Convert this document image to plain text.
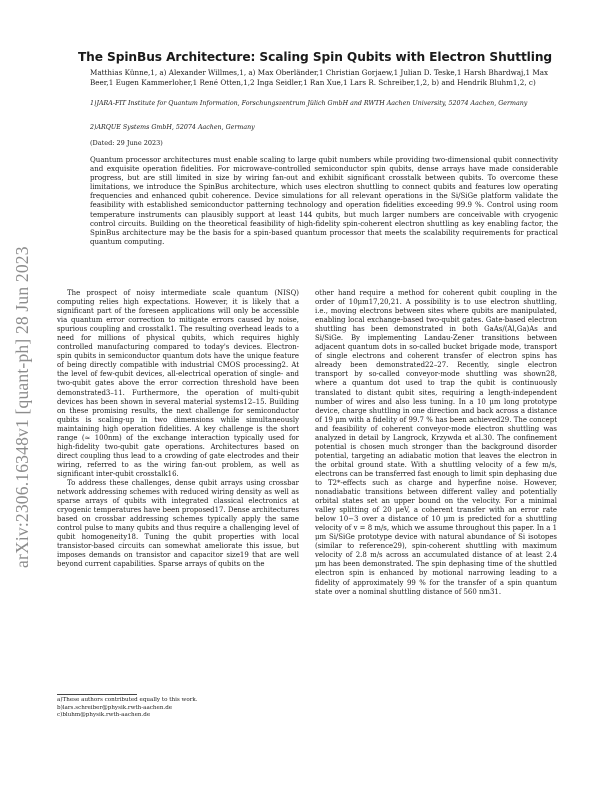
arXiv:2306.16348v1 [quant-ph] 28 Jun 2023
The SpinBus Architecture: Scaling Spin Qubits with Electron Shuttling
Matthias Künne,1, a) Alexander Willmes,1, a) Max Oberländer,1 Christian Gorjaew,1 Julian D. Teske,1 Harsh Bhardwaj,1 Max Beer,1 Eugen Kammerloher,1 René Otten,1,2 Inga Seidler,1 Ran Xue,1 Lars R. Schreiber,1,2, b) and Hendrik Bluhm1,2, c)
1)JARA-FIT Institute for Quantum Information, Forschungszentrum Jülich GmbH and RWTH Aachen University, 52074 Aachen, Germany
2)ARQUE Systems GmbH, 52074 Aachen, Germany
(Dated: 29 June 2023)

Quantum processor architectures must enable scaling to large qubit numbers while providing two-dimensional qubit connectivity and exquisite operation fidelities. For microwave-controlled semiconductor spin qubits, dense arrays have made considerable progress, but are still limited in size by wiring fan-out and exhibit significant crosstalk between qubits. To overcome these limitations, we introduce the SpinBus architecture, which uses electron shuttling to connect qubits and features low operating frequencies and enhanced qubit coherence. Device simulations for all relevant operations in the Si/SiGe platform validate the feasibility with established semiconductor patterning technology and operation fidelities exceeding 99.9 %. Control using room temperature instruments can plausibly support at least 144 qubits, but much larger numbers are conceivable with cryogenic control circuits. Building on the theoretical feasibility of high-fidelity spin-coherent electron shuttling as key enabling factor, the SpinBus architecture may be the basis for a spin-based quantum processor that meets the scalability requirements for practical quantum computing.

The prospect of noisy intermediate scale quantum (NISQ) computing relies high expectations. However, it is likely that a significant part of the foreseen applications will only be accessible via quantum error correction to mitigate errors caused by noise, spurious coupling and crosstalk1. The resulting overhead leads to a need for millions of physical qubits, which requires highly controlled manufacturing compared to today's devices. Electron-spin qubits in semiconductor quantum dots have the unique feature of being directly compatible with industrial CMOS processing2. At the level of few-qubit devices, all-electrical operation of single- and two-qubit gates above the error correction threshold have been demonstrated3–11. Furthermore, the operation of multi-qubit devices has been shown in several material systems12–15. Building on these promising results, the next challenge for semiconductor qubits is scaling-up in two dimensions while simultaneously maintaining high operation fidelities. A key challenge is the short range (≈ 100nm) of the exchange interaction typically used for high-fidelity two-qubit gate operations. Architectures based on direct coupling thus lead to a crowding of gate electrodes and their wiring, referred to as the wiring fan-out problem, as well as significant inter-qubit crosstalk16.

To address these challenges, dense qubit arrays using crossbar network addressing schemes with reduced wiring density as well as sparse arrays of qubits with integrated classical electronics at cryogenic temperatures have been proposed17. Dense architectures based on crossbar addressing schemes typically apply the same control pulse to many qubits and thus require a challenging level of qubit homogeneity18. Tuning the qubit properties with local transistor-based circuits can somewhat ameliorate this issue, but imposes demands on transistor and capacitor size19 that are well beyond current capabilities. Sparse arrays of qubits on the

other hand require a method for coherent qubit coupling in the order of 10μm17,20,21. A possibility is to use electron shuttling, i.e., moving electrons between sites where qubits are manipulated, enabling local exchange-based two-qubit gates. Gate-based electron shuttling has been demonstrated in both GaAs/(Al,Ga)As and Si/SiGe. By implementing Landau-Zener transitions between adjacent quantum dots in so-called bucket brigade mode, transport of single electrons and coherent transfer of electron spins has already been demonstrated22–27. Recently, single electron transport by so-called conveyor-mode shuttling was shown28, where a quantum dot used to trap the qubit is continuously translated to distant qubit sites, requiring a length-independent number of wires and also less tuning. In a 10 μm long prototype device, charge shuttling in one direction and back across a distance of 19 μm with a fidelity of 99.7 % has been achieved29. The concept and feasibility of coherent conveyor-mode electron shuttling was analyzed in detail by Langrock, Krzywda et al.30. The confinement potential is chosen much stronger than the background disorder potential, targeting an adiabatic motion that leaves the electron in the orbital ground state. With a shuttling velocity of a few m/s, electrons can be transferred fast enough to limit spin dephasing due to T2*-effects such as charge and hyperfine noise. However, nonadiabatic transitions between different valley and potentially orbital states set an upper bound on the velocity. For a minimal valley splitting of 20 μeV, a coherent transfer with an error rate below 10−3 over a distance of 10 μm is predicted for a shuttling velocity of v = 8 m/s, which we assume throughout this paper. In a 1 μm Si/SiGe prototype device with natural abundance of Si isotopes (similar to reference29), spin-coherent shuttling with maximum velocity of 2.8 m/s across an accumulated distance of at least 2.4 μm has been demonstrated. The spin dephasing time of the shuttled electron spin is enhanced by motional narrowing leading to a fidelity of approximately 99 % for the transfer of a spin quantum state over a nominal shuttling distance of 560 nm31.

a)These authors contributed equally to this work.
b)lars.schreiber@physik.rwth-aachen.de
c)bluhm@physik.rwth-aachen.de
